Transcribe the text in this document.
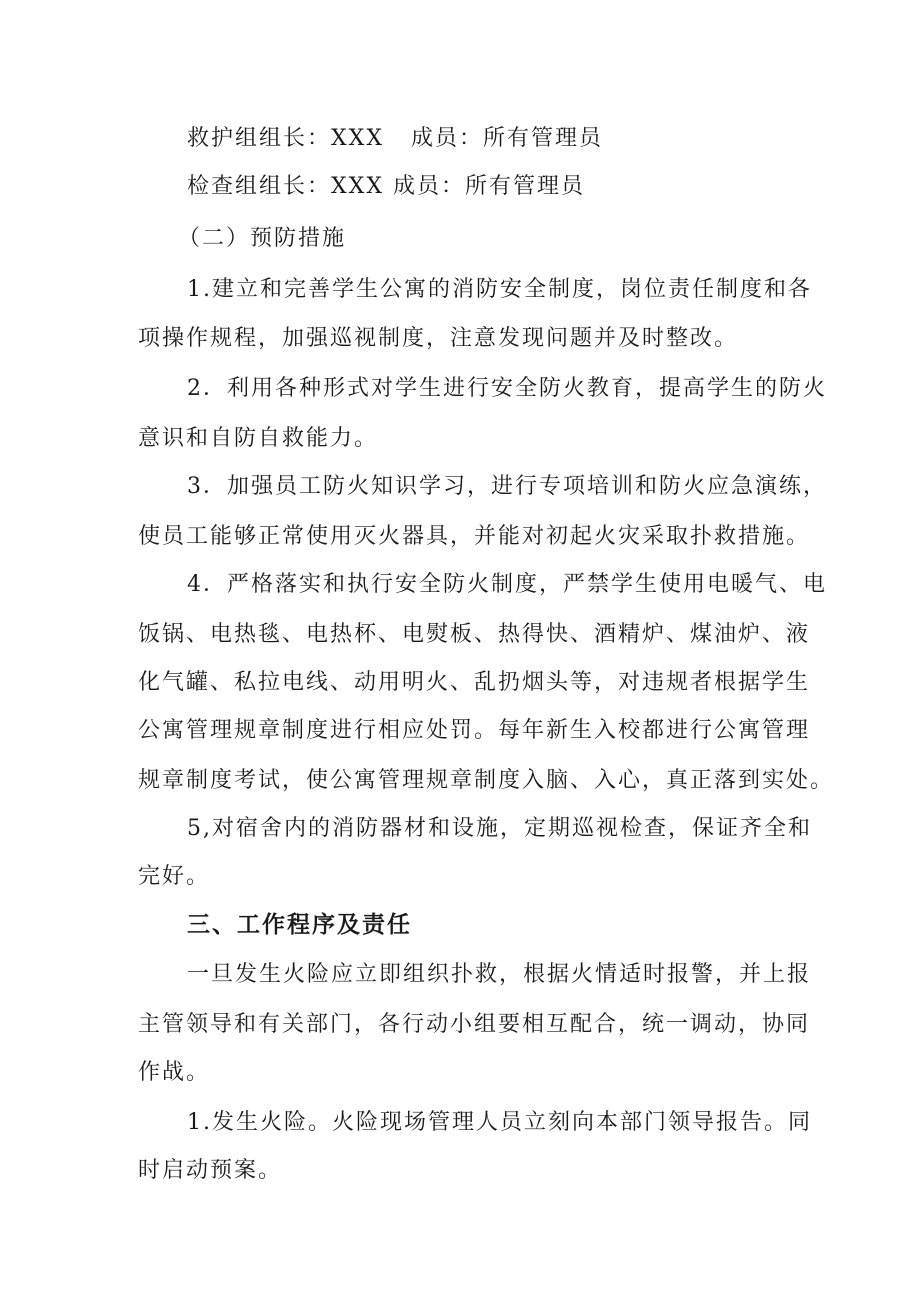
救护组组长：XXX 成员：所有管理员
检查组组长：XXX 成员：所有管理员
（二）预防措施
1.建立和完善学生公寓的消防安全制度，岗位责任制度和各
项操作规程，加强巡视制度，注意发现问题并及时整改。
2．利用各种形式对学生进行安全防火教育，提高学生的防火
意识和自防自救能力。
3．加强员工防火知识学习，进行专项培训和防火应急演练，
使员工能够正常使用灭火器具，并能对初起火灾采取扑救措施。
4．严格落实和执行安全防火制度，严禁学生使用电暖气、电
饭锅、电热毯、电热杯、电熨板、热得快、酒精炉、煤油炉、液
化气罐、私拉电线、动用明火、乱扔烟头等，对违规者根据学生
公寓管理规章制度进行相应处罚。每年新生入校都进行公寓管理
规章制度考试，使公寓管理规章制度入脑、入心，真正落到实处。
5,对宿舍内的消防器材和设施，定期巡视检查，保证齐全和
完好。
三、工作程序及责任
一旦发生火险应立即组织扑救，根据火情适时报警，并上报
主管领导和有关部门，各行动小组要相互配合，统一调动，协同
作战。
1.发生火险。火险现场管理人员立刻向本部门领导报告。同
时启动预案。
